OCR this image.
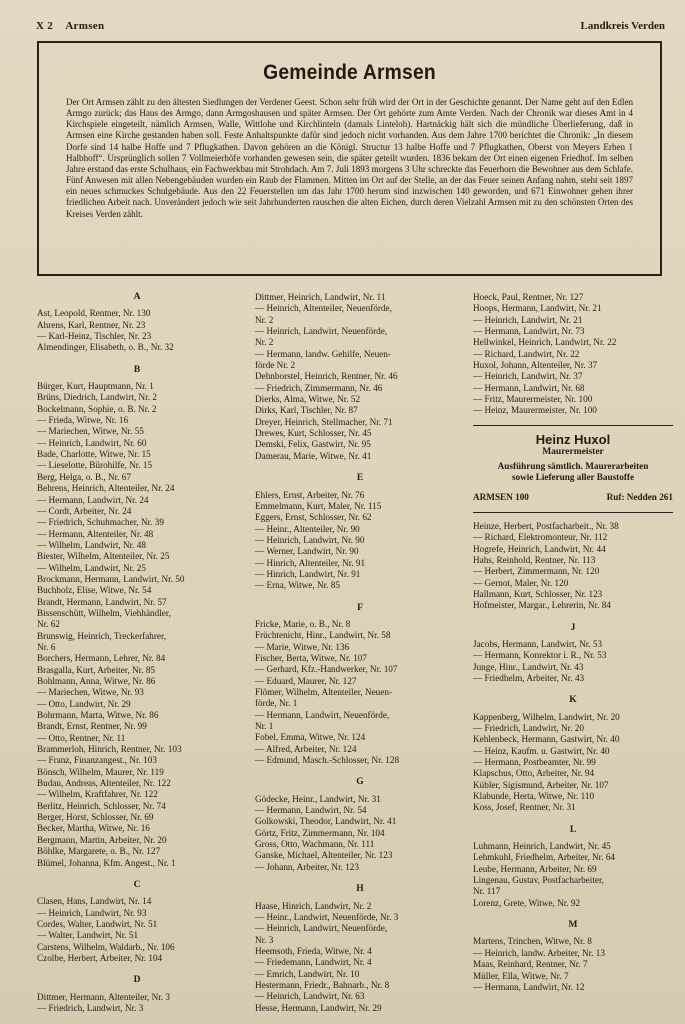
X 2 Armsen	Landkreis Verden
Gemeinde Armsen

Der Ort Armsen zählt zu den ältesten Siedlungen der Verdener Geest. Schon sehr früh wird der Ort in der Geschichte genannt. Der Name geht auf den Edlen Armgo zurück; das Haus des Armgo, dann Armgoshausen und später Armsen. Der Ort gehörte zum Amte Verden. Nach der Chronik war dieses Amt in 4 Kirchspiele eingeteilt, nämlich Armsen, Walle, Wittlohe und Kirchlinteln (damals Linteloh). Hartnäckig hält sich die mündliche Überlieferung, daß in Armsen eine Kirche gestanden haben soll. Feste Anhaltspunkte dafür sind jedoch nicht vorhanden. Aus dem Jahre 1700 berichtet die Chronik: „In diesem Dorfe sind 14 halbe Hoffe und 7 Pflugkathen. Davon gehören an die Königl. Structur 13 halbe Hoffe und 7 Pflugkathen, Oberst von Meyers Erben 1 Halbhoff“. Ursprünglich sollen 7 Vollmeierhöfe vorhanden gewesen sein, die später geteilt wurden. 1836 bekam der Ort einen eigenen Friedhof. Im selben Jahre erstand das erste Schulhaus, ein Fachwerkbau mit Strohdach. Am 7. Juli 1893 morgens 3 Uhr schreckte das Feuerhorn die Bewohner aus dem Schlafe. Fünf Anwesen mit allen Nebengebäuden wurden ein Raub der Flammen. Mitten im Ort auf der Stelle, an der das Feuer seinen Anfang nahm, steht seit 1897 ein neues schmuckes Schulgebäude. Aus den 22 Feuerstellen um das Jahr 1700 herum sind inzwischen 140 geworden, und 671 Einwohner gehen ihrer friedlichen Arbeit nach. Unverändert jedoch wie seit Jahrhunderten rauschen die alten Eichen, durch deren Vielzahl Armsen mit zu den schönsten Orten des Kreises Verden zählt.

A
Ast, Leopold, Rentner, Nr. 130
Ahrens, Karl, Rentner, Nr. 23
— Karl-Heinz, Tischler, Nr. 23
Almendinger, Elisabeth, o. B., Nr. 32
B
Bürger, Kurt, Hauptmann, Nr. 1
Brüns, Diedrich, Landwirt, Nr. 2
Bockelmann, Sophie, o. B. Nr. 2
— Frieda, Witwe, Nr. 16
— Mariechen, Witwe, Nr. 55
— Heinrich, Landwirt, Nr. 60
Bade, Charlotte, Witwe, Nr. 15
— Lieselotte, Bürohilfe, Nr. 15
Berg, Helga, o. B., Nr. 67
Behrens, Heinrich, Altenteiler, Nr. 24
— Hermann, Landwirt, Nr. 24
— Cordt, Arbeiter, Nr. 24
— Friedrich, Schuhmacher, Nr. 39
— Hermann, Altenteiler, Nr. 48
— Wilhelm, Landwirt, Nr. 48
Biester, Wilhelm, Altenteiler, Nr. 25
— Wilhelm, Landwirt, Nr. 25
Brockmann, Hermann, Landwirt, Nr. 50
Buchholz, Elise, Witwe, Nr. 54
Brandt, Hermann, Landwirt, Nr. 57
Bissenschütt, Wilhelm, Viehhändler,
Nr. 62
Brunswig, Heinrich, Treckerfahrer,
Nr. 6
Borchers, Hermann, Lehrer, Nr. 84
Brasgalla, Kurt, Arbeiter, Nr. 85
Bohlmann, Anna, Witwe, Nr. 86
— Mariechen, Witwe, Nr. 93
— Otto, Landwirt, Nr. 29
Bohrmann, Marta, Witwe, Nr. 86
Brandt, Ernst, Rentner, Nr. 99
— Otto, Rentner, Nr. 11
Brammerloh, Hinrich, Rentner, Nr. 103
— Franz, Finanzangest., Nr. 103
Bönsch, Wilhelm, Maurer, Nr. 119
Budau, Andreas, Altenteiler, Nr. 122
— Wilhelm, Kraftfahrer, Nr. 122
Berlitz, Heinrich, Schlosser, Nr. 74
Berger, Horst, Schlosser, Nr. 69
Becker, Martha, Witwe, Nr. 16
Bergmann, Martin, Arbeiter, Nr. 20
Böhlke, Margarete, o. B., Nr. 127
Blümel, Johanna, Kfm. Angest., Nr. 1
C
Clasen, Hans, Landwirt, Nr. 14
— Heinrich, Landwirt, Nr. 93
Cordes, Walter, Landwirt, Nr. 51
— Walter, Landwirt, Nr. 51
Carstens, Wilhelm, Waldarb., Nr. 106
Czolbe, Herbert, Arbeiter, Nr. 104
D
Dittmer, Hermann, Altenteiler, Nr. 3
— Friedrich, Landwirt, Nr. 3
Dittmer, Heinrich, Landwirt, Nr. 11
— Heinrich, Altenteiler, Neuenförde,
Nr. 2
— Heinrich, Landwirt, Neuenförde,
Nr. 2
— Hermann, landw. Gehilfe, Neuen-
förde Nr. 2
Dehnborstel, Heinrich, Rentner, Nr. 46
— Friedrich, Zimmermann, Nr. 46
Dierks, Alma, Witwe, Nr. 52
Dirks, Karl, Tischler, Nr. 87
Dreyer, Heinrich, Stellmacher, Nr. 71
Drewes, Kurt, Schlosser, Nr. 45
Demski, Felix, Gastwirt, Nr. 95
Damerau, Marie, Witwe, Nr. 41
E
Ehlers, Ernst, Arbeiter, Nr. 76
Emmelmann, Kurt, Maler, Nr. 115
Eggers, Ernst, Schlosser, Nr. 62
— Heinr., Altenteiler, Nr. 90
— Heinrich, Landwirt, Nr. 90
— Werner, Landwirt, Nr. 90
— Hinrich, Altenteiler, Nr. 91
— Hinrich, Landwirt, Nr. 91
— Erna, Witwe, Nr. 85
F
Fricke, Marie, o. B., Nr. 8
Früchtenicht, Hinr., Landwirt, Nr. 58
— Marie, Witwe, Nr. 136
Fischer, Berta, Witwe, Nr. 107
— Gerhard, Kfz.-Handwerker, Nr. 107
— Eduard, Maurer, Nr. 127
Flömer, Wilhelm, Altenteiler, Neuen-
förde, Nr. 1
— Hermann, Landwirt, Neuenförde,
Nr. 1
Fobel, Emma, Witwe, Nr. 124
— Alfred, Arbeiter, Nr. 124
— Edmund, Masch.-Schlosser, Nr. 128
G
Gödecke, Heinr., Landwirt, Nr. 31
— Hermann, Landwirt, Nr. 54
Golkowski, Theodor, Landwirt, Nr. 41
Görtz, Fritz, Zimmermann, Nr. 104
Gross, Otto, Wachmann, Nr. 111
Ganske, Michael, Altenteiler, Nr. 123
— Johann, Arbeiter, Nr. 123
H
Haase, Hinrich, Landwirt, Nr. 2
— Heinr., Landwirt, Neuenförde, Nr. 3
— Heinrich, Landwirt, Neuenförde,
Nr. 3
Heemsoth, Frieda, Witwe, Nr. 4
— Friedemann, Landwirt, Nr. 4
— Emrich, Landwirt, Nr. 10
Hestermann, Friedr., Bahnarb., Nr. 8
— Heinrich, Landwirt, Nr. 63
Hesse, Hermann, Landwirt, Nr. 29
Hoeck, Paul, Rentner, Nr. 127
Hoops, Hermann, Landwirt, Nr. 21
— Heinrich, Landwirt, Nr. 21
— Hermann, Landwirt, Nr. 73
Hellwinkel, Heinrich, Landwirt, Nr. 22
— Richard, Landwirt, Nr. 22
Huxol, Johann, Altenteiler, Nr. 37
— Heinrich, Landwirt, Nr. 37
— Hermann, Landwirt, Nr. 68
— Fritz, Maurermeister, Nr. 100
— Heinz, Maurermeister, Nr. 100
Heinz Huxol
Maurermeister
Ausführung sämtlich. Maurerarbeiten
sowie Lieferung aller Baustoffe
ARMSEN 100	Ruf: Nedden 261
Heinze, Herbert, Postfacharbeit., Nr. 38
— Richard, Elektromonteur, Nr. 112
Hogrefe, Heinrich, Landwirt, Nr. 44
Hahs, Reinhold, Rentner, Nr. 113
— Herbert, Zimmermann, Nr. 120
— Gernot, Maler, Nr. 120
Hallmann, Kurt, Schlosser, Nr. 123
Hofmeister, Margar., Lehrerin, Nr. 84
J
Jacobs, Hermann, Landwirt, Nr. 53
— Hermann, Konrektor i. R., Nr. 53
Junge, Hinr., Landwirt, Nr. 43
— Friedhelm, Arbeiter, Nr. 43
K
Kappenberg, Wilhelm, Landwirt, Nr. 20
— Friedrich, Landwirt, Nr. 20
Kehlenbeck, Hermann, Gastwirt, Nr. 40
— Heinz, Kaufm. u. Gastwirt, Nr. 40
— Hermann, Postbeamter, Nr. 99
Klapschus, Otto, Arbeiter, Nr. 94
Kübler, Sigismund, Arbeiter, Nr. 107
Klabunde, Herta, Witwe, Nr. 110
Koss, Josef, Rentner, Nr. 31
L
Luhmann, Heinrich, Landwirt, Nr. 45
Lehmkuhl, Friedhelm, Arbeiter, Nr. 64
Leube, Hermann, Arbeiter, Nr. 69
Lingenau, Gustav, Postfacharbeiter,
Nr. 117
Lorenz, Grete, Witwe, Nr. 92
M
Martens, Trinchen, Witwe, Nr. 8
— Heinrich, landw. Arbeiter, Nr. 13
Maas, Reinhard, Rentner, Nr. 7
Müller, Ella, Witwe, Nr. 7
— Hermann, Landwirt, Nr. 12
